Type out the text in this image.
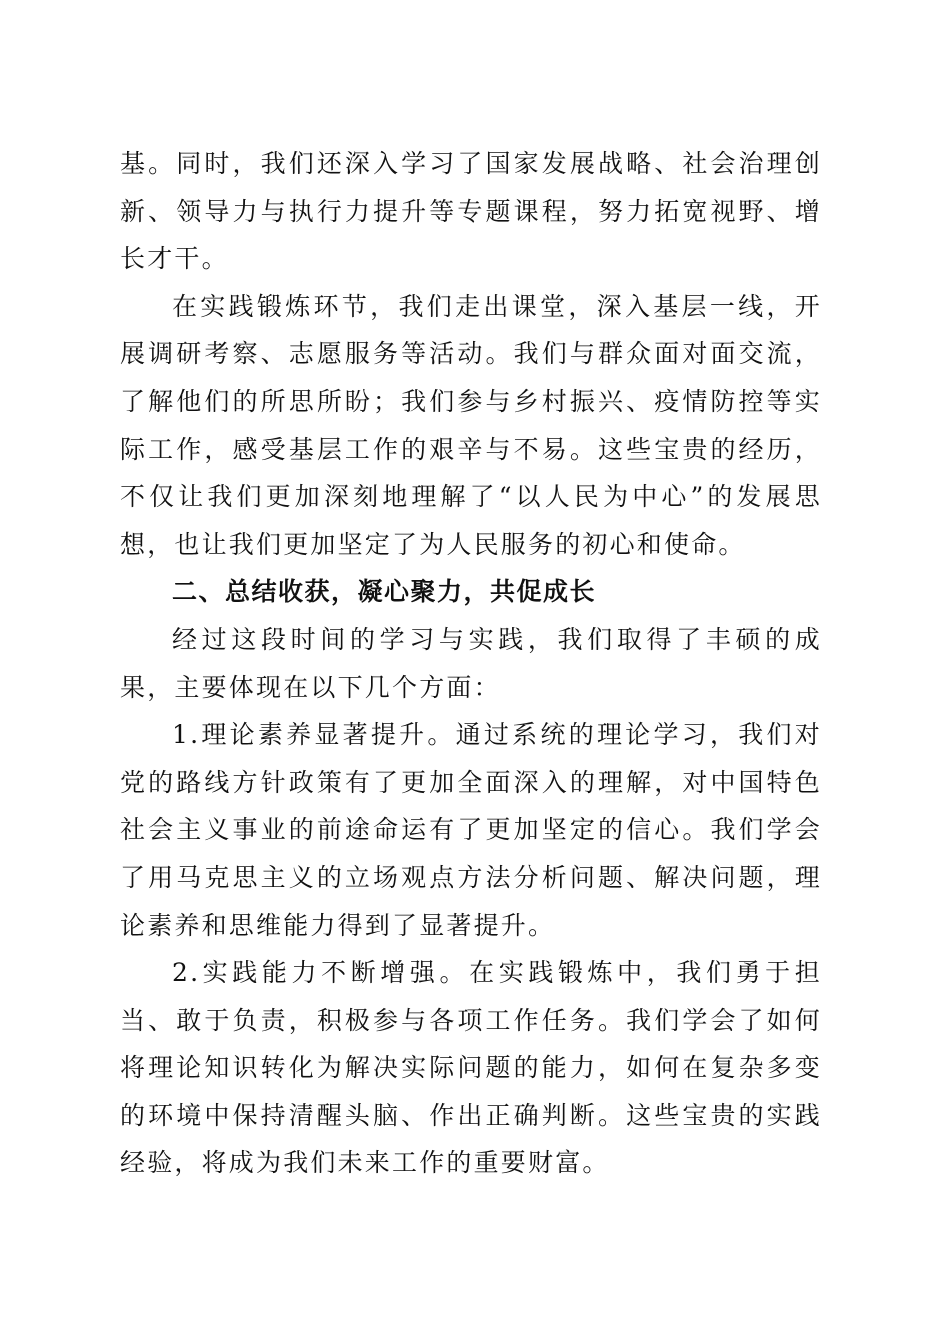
基。同时，我们还深入学习了国家发展战略、社会治理创新、领导力与执行力提升等专题课程，努力拓宽视野、增长才干。

在实践锻炼环节，我们走出课堂，深入基层一线，开展调研考察、志愿服务等活动。我们与群众面对面交流，了解他们的所思所盼；我们参与乡村振兴、疫情防控等实际工作，感受基层工作的艰辛与不易。这些宝贵的经历，不仅让我们更加深刻地理解了“以人民为中心”的发展思想，也让我们更加坚定了为人民服务的初心和使命。

二、总结收获，凝心聚力，共促成长

经过这段时间的学习与实践，我们取得了丰硕的成果，主要体现在以下几个方面：

1.理论素养显著提升。通过系统的理论学习，我们对党的路线方针政策有了更加全面深入的理解，对中国特色社会主义事业的前途命运有了更加坚定的信心。我们学会了用马克思主义的立场观点方法分析问题、解决问题，理论素养和思维能力得到了显著提升。

2.实践能力不断增强。在实践锻炼中，我们勇于担当、敢于负责，积极参与各项工作任务。我们学会了如何将理论知识转化为解决实际问题的能力，如何在复杂多变的环境中保持清醒头脑、作出正确判断。这些宝贵的实践经验，将成为我们未来工作的重要财富。
